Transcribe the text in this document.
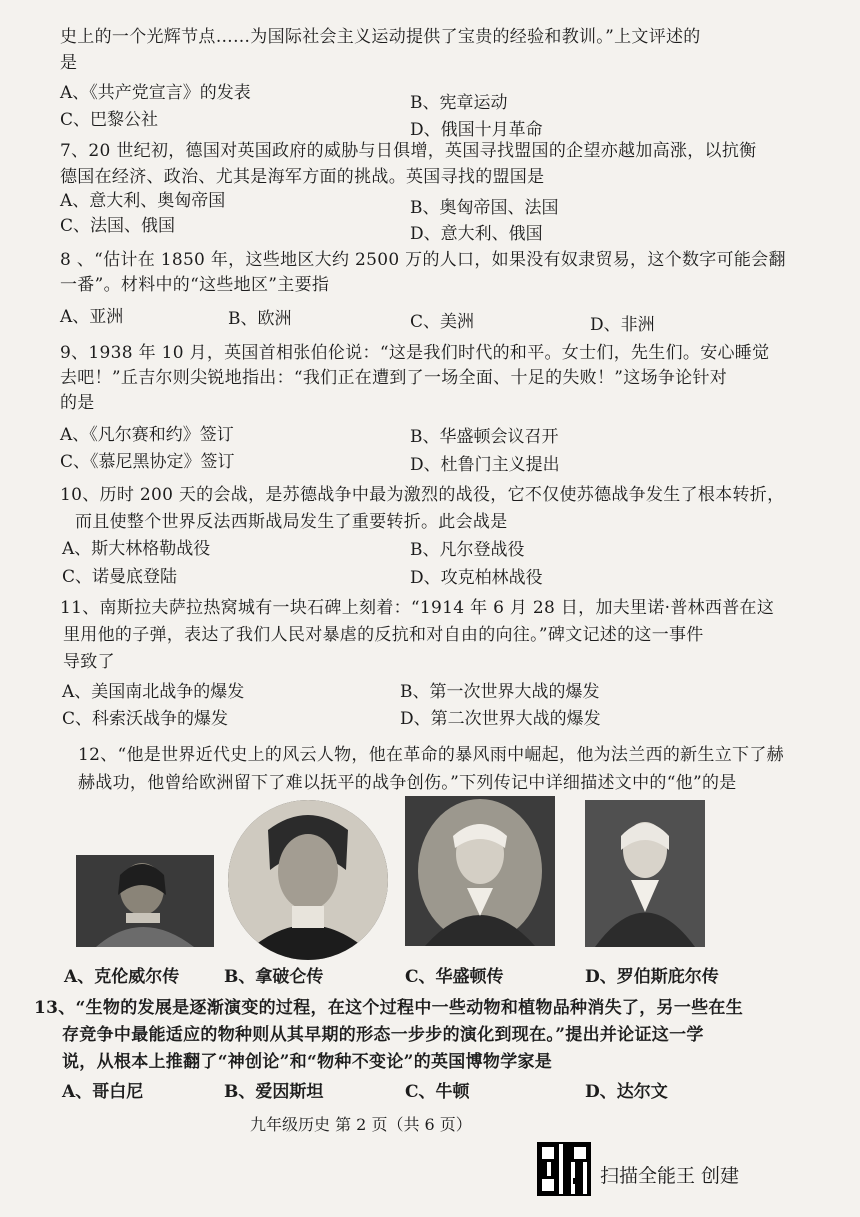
史上的一个光辉节点……为国际社会主义运动提供了宝贵的经验和教训。”上文评述的
是
A、《共产党宣言》的发表	B、宪章运动
C、巴黎公社	D、俄国十月革命
7、20 世纪初，德国对英国政府的威胁与日俱增，英国寻找盟国的企望亦越加高涨，以抗衡
德国在经济、政治、尤其是海军方面的挑战。英国寻找的盟国是
A、意大利、奥匈帝国	B、奥匈帝国、法国
C、法国、俄国	D、意大利、俄国
8 、“估计在 1850 年，这些地区大约 2500 万的人口，如果没有奴隶贸易，这个数字可能会翻
一番”。材料中的“这些地区”主要指
A、亚洲	B、欧洲	C、美洲	D、非洲
9、1938 年 10 月，英国首相张伯伦说：“这是我们时代的和平。女士们，先生们。安心睡觉
去吧！”丘吉尔则尖锐地指出：“我们正在遭到了一场全面、十足的失败！”这场争论针对
的是
A、《凡尔赛和约》签订	B、华盛顿会议召开
C、《慕尼黑协定》签订	D、杜鲁门主义提出
10、历时 200 天的会战，是苏德战争中最为激烈的战役，它不仅使苏德战争发生了根本转折，
而且使整个世界反法西斯战局发生了重要转折。此会战是
A、斯大林格勒战役	B、凡尔登战役
C、诺曼底登陆	D、攻克柏林战役
11、南斯拉夫萨拉热窝城有一块石碑上刻着：“1914 年 6 月 28 日，加夫里诺·普林西普在这
里用他的子弹，表达了我们人民对暴虐的反抗和对自由的向往。”碑文记述的这一事件
导致了
A、美国南北战争的爆发	B、第一次世界大战的爆发
C、科索沃战争的爆发	D、第二次世界大战的爆发
12、“他是世界近代史上的风云人物，他在革命的暴风雨中崛起，他为法兰西的新生立下了赫
赫战功，他曾给欧洲留下了难以抚平的战争创伤。”下列传记中详细描述文中的“他”的是
A、克伦威尔传	B、拿破仑传	C、华盛顿传	D、罗伯斯庇尔传
13、“生物的发展是逐渐演变的过程，在这个过程中一些动物和植物品种消失了，另一些在生
存竞争中最能适应的物种则从其早期的形态一步步的演化到现在。”提出并论证这一学
说，从根本上推翻了“神创论”和“物种不变论”的英国博物学家是
A、哥白尼	B、爱因斯坦	C、牛顿	D、达尔文
九年级历史 第 2 页（共 6 页）
扫描全能王 创建
